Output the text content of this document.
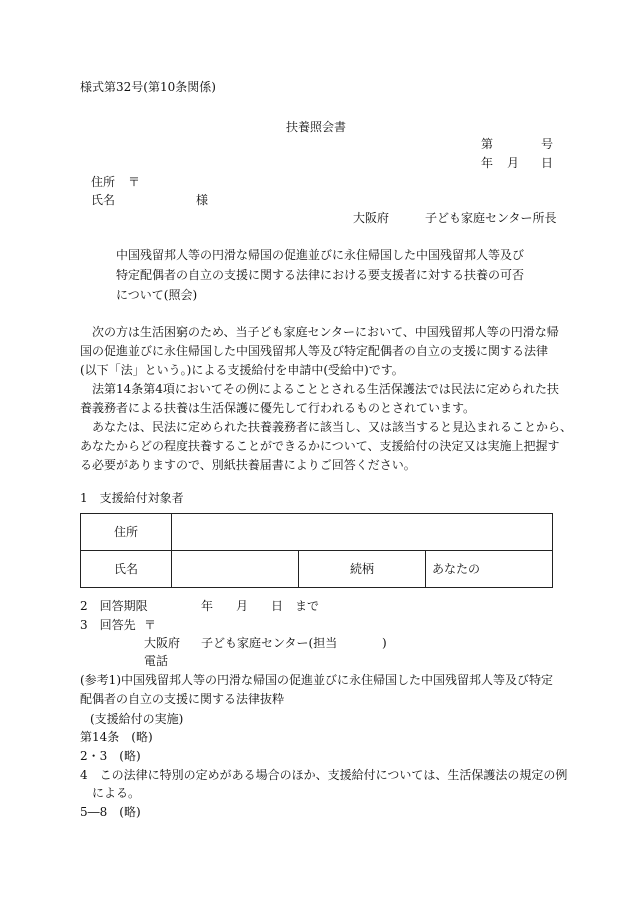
様式第32号(第10条関係)
扶養照会書
第	号
年 月 日
住所 〒
氏名	様
大阪府	子ども家庭センター所長
中国残留邦人等の円滑な帰国の促進並びに永住帰国した中国残留邦人等及び
特定配偶者の自立の支援に関する法律における要支援者に対する扶養の可否
について(照会)
　次の方は生活困窮のため、当子ども家庭センターにおいて、中国残留邦人等の円滑な帰
国の促進並びに永住帰国した中国残留邦人等及び特定配偶者の自立の支援に関する法律
(以下「法」という。)による支援給付を申請中(受給中)です。
　法第14条第4項においてその例によることとされる生活保護法では民法に定められた扶
養義務者による扶養は生活保護に優先して行われるものとされています。
　あなたは、民法に定められた扶養義務者に該当し、又は該当すると見込まれることから、
あなたからどの程度扶養することができるかについて、支援給付の決定又は実施上把握す
る必要がありますので、別紙扶養届書によりご回答ください。
1　支援給付対象者
住所			
氏名		続柄	あなたの
2　回答期限	年 月 日 まで
3　回答先 〒
大阪府 子ども家庭センター(担当	)
電話
(参考1)中国残留邦人等の円滑な帰国の促進並びに永住帰国した中国残留邦人等及び特定
配偶者の自立の支援に関する法律抜粋
(支援給付の実施)
第14条　(略)
2・3　(略)
4　この法律に特別の定めがある場合のほか、支援給付については、生活保護法の規定の例
　による。
5―8　(略)
